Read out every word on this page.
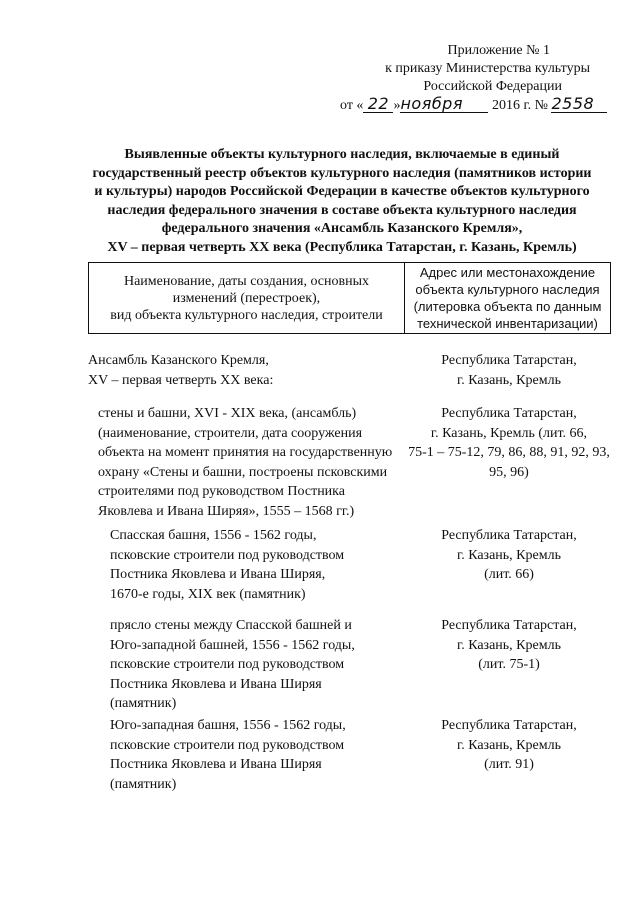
Приложение № 1
к приказу Министерства культуры
Российской Федерации
от « 22 »ноября 2016 г. № 2558
Выявленные объекты культурного наследия, включаемые в единый
государственный реестр объектов культурного наследия (памятников истории
и культуры) народов Российской Федерации в качестве объектов культурного
наследия федерального значения в составе объекта культурного наследия
федерального значения «Ансамбль Казанского Кремля»,
XV – первая четверть XX века (Республика Татарстан, г. Казань, Кремль)
Наименование, даты создания, основных
изменений (перестроек),
вид объекта культурного наследия, строители
Адрес или местонахождение
объекта культурного наследия
(литеровка объекта по данным
технической инвентаризации)
Ансамбль Казанского Кремля,
XV – первая четверть XX века:
Республика Татарстан,
г. Казань, Кремль
стены и башни, XVI - XIX века, (ансамбль)
(наименование, строители, дата сооружения
объекта на момент принятия на государственную
охрану «Стены и башни, построены псковскими
строителями под руководством Постника
Яковлева и Ивана Ширяя», 1555 – 1568 гг.)
Республика Татарстан,
г. Казань, Кремль (лит. 66,
75-1 – 75-12, 79, 86, 88, 91, 92, 93,
95, 96)
Спасская башня, 1556 - 1562 годы,
псковские строители под руководством
Постника Яковлева и Ивана Ширяя,
1670-е годы, XIX век (памятник)
Республика Татарстан,
г. Казань, Кремль
(лит. 66)
прясло стены между Спасской башней и
Юго-западной башней, 1556 - 1562 годы,
псковские строители под руководством
Постника Яковлева и Ивана Ширяя
(памятник)
Республика Татарстан,
г. Казань, Кремль
(лит. 75-1)
Юго-западная башня, 1556 - 1562 годы,
псковские строители под руководством
Постника Яковлева и Ивана Ширяя
(памятник)
Республика Татарстан,
г. Казань, Кремль
(лит. 91)
